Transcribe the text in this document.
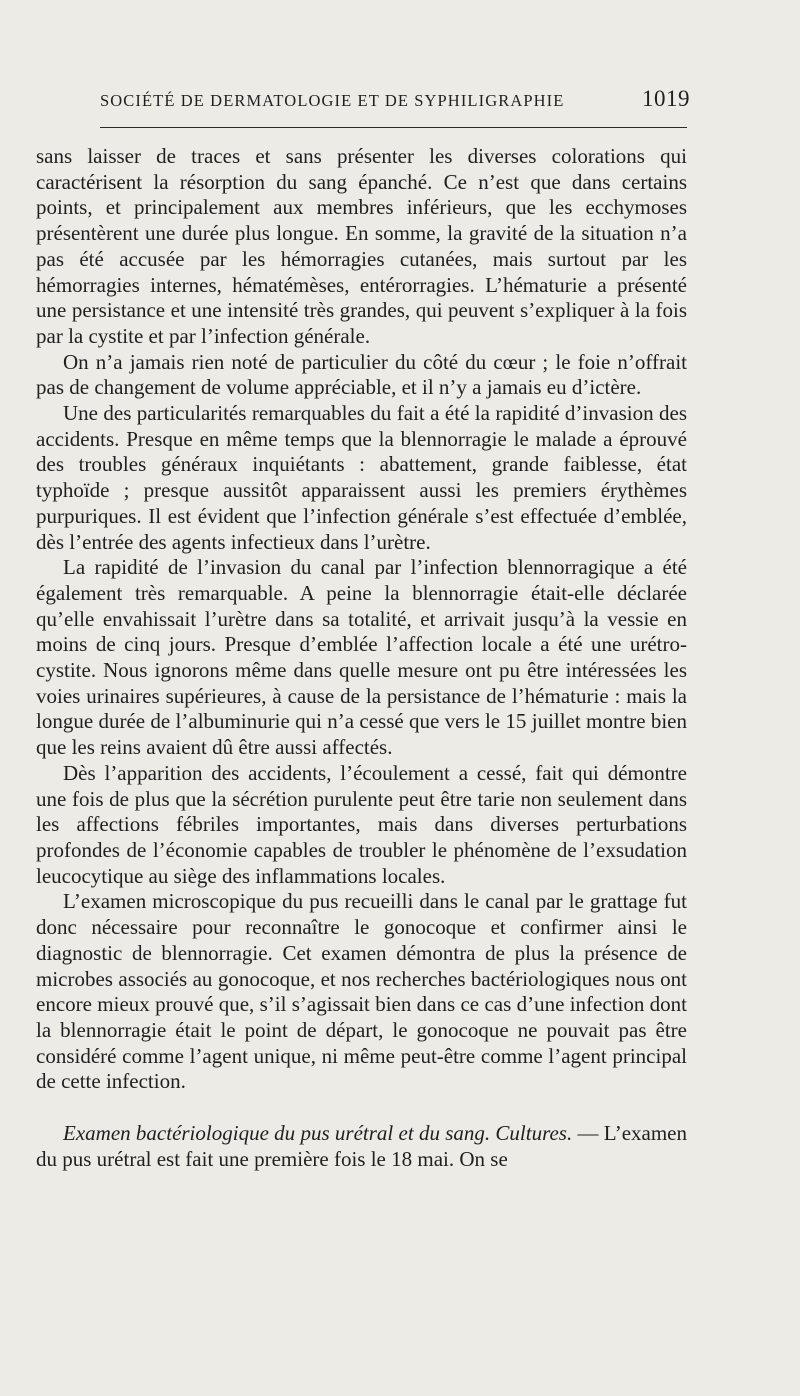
SOCIÉTÉ DE DERMATOLOGIE ET DE SYPHILIGRAPHIE	1019

sans laisser de traces et sans présenter les diverses colorations qui caractérisent la résorption du sang épanché. Ce n’est que dans certains points, et principalement aux membres inférieurs, que les ecchymoses présentèrent une durée plus longue. En somme, la gravité de la situation n’a pas été accusée par les hémorragies cutanées, mais surtout par les hémorragies internes, hématémèses, entérorragies. L’hématurie a présenté une persistance et une intensité très grandes, qui peuvent s’expliquer à la fois par la cystite et par l’infection générale.

On n’a jamais rien noté de particulier du côté du cœur ; le foie n’offrait pas de changement de volume appréciable, et il n’y a jamais eu d’ictère.

Une des particularités remarquables du fait a été la rapidité d’invasion des accidents. Presque en même temps que la blennorragie le malade a éprouvé des troubles généraux inquiétants : abattement, grande faiblesse, état typhoïde ; presque aussitôt apparaissent aussi les premiers érythèmes purpuriques. Il est évident que l’infection générale s’est effectuée d’emblée, dès l’entrée des agents infectieux dans l’urètre.

La rapidité de l’invasion du canal par l’infection blennorragique a été également très remarquable. A peine la blennorragie était-elle déclarée qu’elle envahissait l’urètre dans sa totalité, et arrivait jusqu’à la vessie en moins de cinq jours. Presque d’emblée l’affection locale a été une urétro-cystite. Nous ignorons même dans quelle mesure ont pu être intéressées les voies urinaires supérieures, à cause de la persistance de l’hématurie : mais la longue durée de l’albuminurie qui n’a cessé que vers le 15 juillet montre bien que les reins avaient dû être aussi affectés.

Dès l’apparition des accidents, l’écoulement a cessé, fait qui démontre une fois de plus que la sécrétion purulente peut être tarie non seulement dans les affections fébriles importantes, mais dans diverses perturbations profondes de l’économie capables de troubler le phénomène de l’exsudation leucocytique au siège des inflammations locales.

L’examen microscopique du pus recueilli dans le canal par le grattage fut donc nécessaire pour reconnaître le gonocoque et confirmer ainsi le diagnostic de blennorragie. Cet examen démontra de plus la présence de microbes associés au gonocoque, et nos recherches bactériologiques nous ont encore mieux prouvé que, s’il s’agissait bien dans ce cas d’une infection dont la blennorragie était le point de départ, le gonocoque ne pouvait pas être considéré comme l’agent unique, ni même peut-être comme l’agent principal de cette infection.

Examen bactériologique du pus urétral et du sang. Cultures. — L’examen du pus urétral est fait une première fois le 18 mai. On se
